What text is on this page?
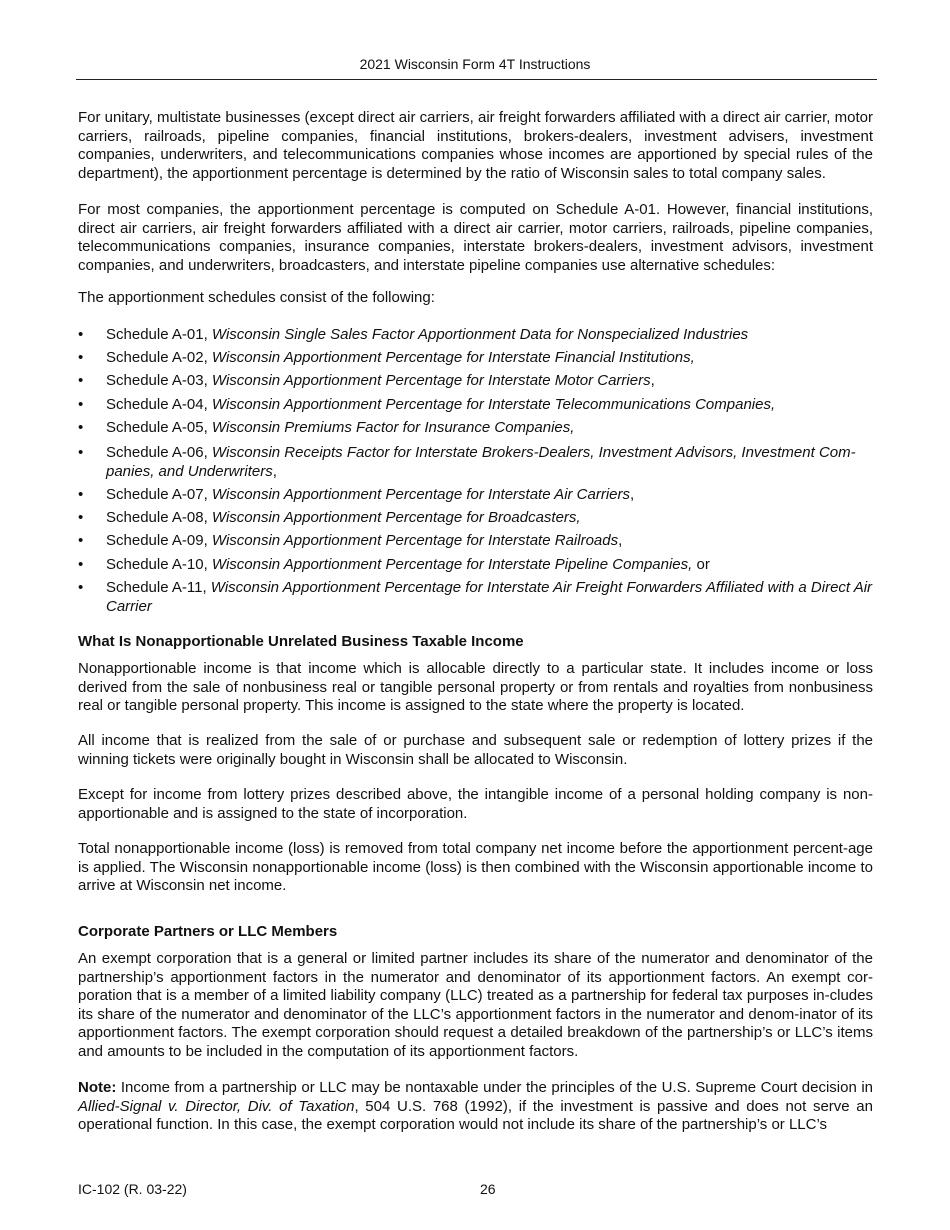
2021 Wisconsin Form 4T Instructions

For unitary, multistate businesses (except direct air carriers, air freight forwarders affiliated with a direct air carrier, motor carriers, railroads, pipeline companies, financial institutions, brokers-dealers, investment advisers, investment companies, underwriters, and telecommunications companies whose incomes are apportioned by special rules of the department), the apportionment percentage is determined by the ratio of Wisconsin sales to total company sales.

For most companies, the apportionment percentage is computed on Schedule A-01. However, financial institutions, direct air carriers, air freight forwarders affiliated with a direct air carrier, motor carriers, railroads, pipeline companies, telecommunications companies, insurance companies, interstate brokers-dealers, investment advisors, investment companies, and underwriters, broadcasters, and interstate pipeline companies use alternative schedules:

The apportionment schedules consist of the following:

•	Schedule A-01, Wisconsin Single Sales Factor Apportionment Data for Nonspecialized Industries
•	Schedule A-02, Wisconsin Apportionment Percentage for Interstate Financial Institutions,
•	Schedule A-03, Wisconsin Apportionment Percentage for Interstate Motor Carriers,
•	Schedule A-04, Wisconsin Apportionment Percentage for Interstate Telecommunications Companies,
•	Schedule A-05, Wisconsin Premiums Factor for Insurance Companies,
•	Schedule A-06, Wisconsin Receipts Factor for Interstate Brokers-Dealers, Investment Advisors, Investment Com-panies, and Underwriters,
•	Schedule A-07, Wisconsin Apportionment Percentage for Interstate Air Carriers,
•	Schedule A-08, Wisconsin Apportionment Percentage for Broadcasters,
•	Schedule A-09, Wisconsin Apportionment Percentage for Interstate Railroads,
•	Schedule A-10, Wisconsin Apportionment Percentage for Interstate Pipeline Companies, or
•	Schedule A-11, Wisconsin Apportionment Percentage for Interstate Air Freight Forwarders Affiliated with a Direct Air Carrier
What Is Nonapportionable Unrelated Business Taxable Income

Nonapportionable income is that income which is allocable directly to a particular state. It includes income or loss derived from the sale of nonbusiness real or tangible personal property or from rentals and royalties from nonbusiness real or tangible personal property. This income is assigned to the state where the property is located.

All income that is realized from the sale of or purchase and subsequent sale or redemption of lottery prizes if the winning tickets were originally bought in Wisconsin shall be allocated to Wisconsin.

Except for income from lottery prizes described above, the intangible income of a personal holding company is non-apportionable and is assigned to the state of incorporation.

Total nonapportionable income (loss) is removed from total company net income before the apportionment percent-age is applied. The Wisconsin nonapportionable income (loss) is then combined with the Wisconsin apportionable income to arrive at Wisconsin net income.

Corporate Partners or LLC Members

An exempt corporation that is a general or limited partner includes its share of the numerator and denominator of the partnership’s apportionment factors in the numerator and denominator of its apportionment factors. An exempt cor-poration that is a member of a limited liability company (LLC) treated as a partnership for federal tax purposes in-cludes its share of the numerator and denominator of the LLC’s apportionment factors in the numerator and denom-inator of its apportionment factors. The exempt corporation should request a detailed breakdown of the partnership’s or LLC’s items and amounts to be included in the computation of its apportionment factors.

Note: Income from a partnership or LLC may be nontaxable under the principles of the U.S. Supreme Court decision in Allied-Signal v. Director, Div. of Taxation, 504 U.S. 768 (1992), if the investment is passive and does not serve an operational function. In this case, the exempt corporation would not include its share of the partnership’s or LLC’s

IC-102 (R. 03-22)	26
